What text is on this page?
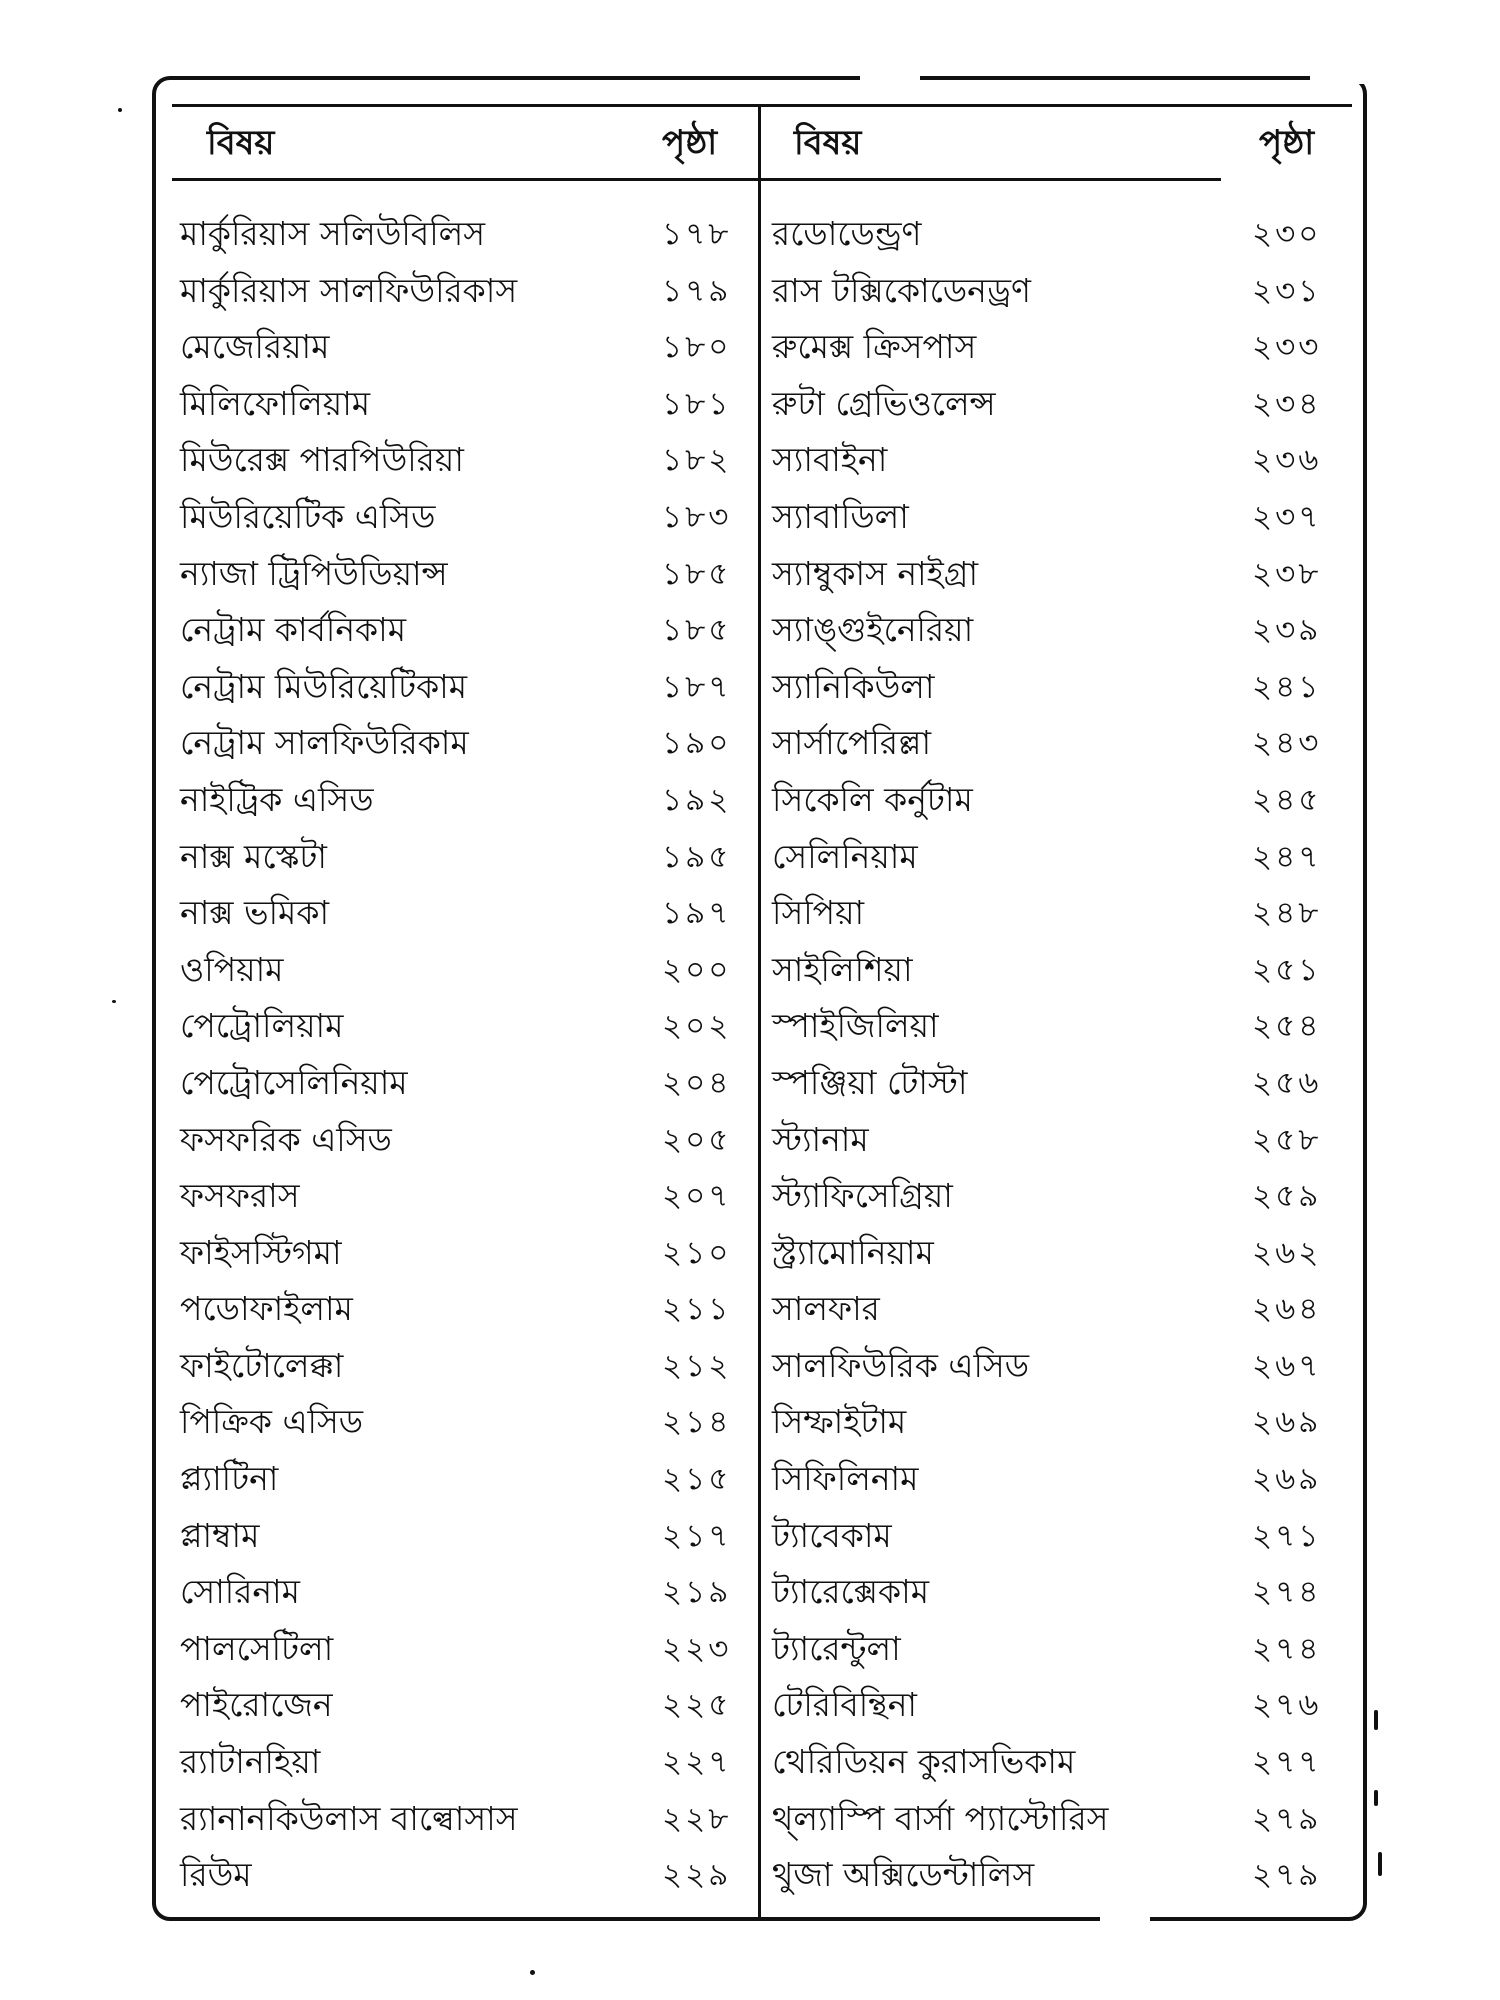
বিষয়	পৃষ্ঠা বিষয়	পৃষ্ঠা
মার্কুরিয়াস সলিউবিলিস	১৭৮
মার্কুরিয়াস সালফিউরিকাস	১৭৯
মেজেরিয়াম	১৮০
মিলিফোলিয়াম	১৮১
মিউরেক্স পারপিউরিয়া	১৮২
মিউরিয়েটিক এসিড	১৮৩
ন্যাজা ট্রিপিউডিয়ান্স	১৮৫
নেট্রাম কার্বনিকাম	১৮৫
নেট্রাম মিউরিয়েটিকাম	১৮৭
নেট্রাম সালফিউরিকাম	১৯০
নাইট্রিক এসিড	১৯২
নাক্স মস্কেটা	১৯৫
নাক্স ভমিকা	১৯৭
ওপিয়াম	২০০
পেট্রোলিয়াম	২০২
পেট্রোসেলিনিয়াম	২০৪
ফসফরিক এসিড	২০৫
ফসফরাস	২০৭
ফাইসস্টিগমা	২১০
পডোফাইলাম	২১১
ফাইটোলেক্কা	২১২
পিক্রিক এসিড	২১৪
প্ল্যাটিনা	২১৫
প্লাম্বাম	২১৭
সোরিনাম	২১৯
পালসেটিলা	২২৩
পাইরোজেন	২২৫
র‍্যাটানহিয়া	২২৭
র‍্যানানকিউলাস বাল্বোসাস	২২৮
রিউম	২২৯
রডোডেন্ড্রণ	২৩০
রাস টক্সিকোডেনড্রণ	২৩১
রুমেক্স ক্রিসপাস	২৩৩
রুটা গ্রেভিওলেন্স	২৩৪
স্যাবাইনা	২৩৬
স্যাবাডিলা	২৩৭
স্যাম্বুকাস নাইগ্রা	২৩৮
স্যাঙ্গুইনেরিয়া	২৩৯
স্যানিকিউলা	২৪১
সার্সাপেরিল্লা	২৪৩
সিকেলি কর্নুটাম	২৪৫
সেলিনিয়াম	২৪৭
সিপিয়া	২৪৮
সাইলিশিয়া	২৫১
স্পাইজিলিয়া	২৫৪
স্পঞ্জিয়া টোস্টা	২৫৬
স্ট্যানাম	২৫৮
স্ট্যাফিসেগ্রিয়া	২৫৯
স্ট্র্যামোনিয়াম	২৬২
সালফার	২৬৪
সালফিউরিক এসিড	২৬৭
সিম্ফাইটাম	২৬৯
সিফিলিনাম	২৬৯
ট্যাবেকাম	২৭১
ট্যারেক্সেকাম	২৭৪
ট্যারেন্টুলা	২৭৪
টেরিবিন্থিনা	২৭৬
থেরিডিয়ন কুরাসভিকাম	২৭৭
থ্ল্যাস্পি বার্সা প্যাস্টোরিস	২৭৯
থুজা অক্সিডেন্টালিস	২৭৯
